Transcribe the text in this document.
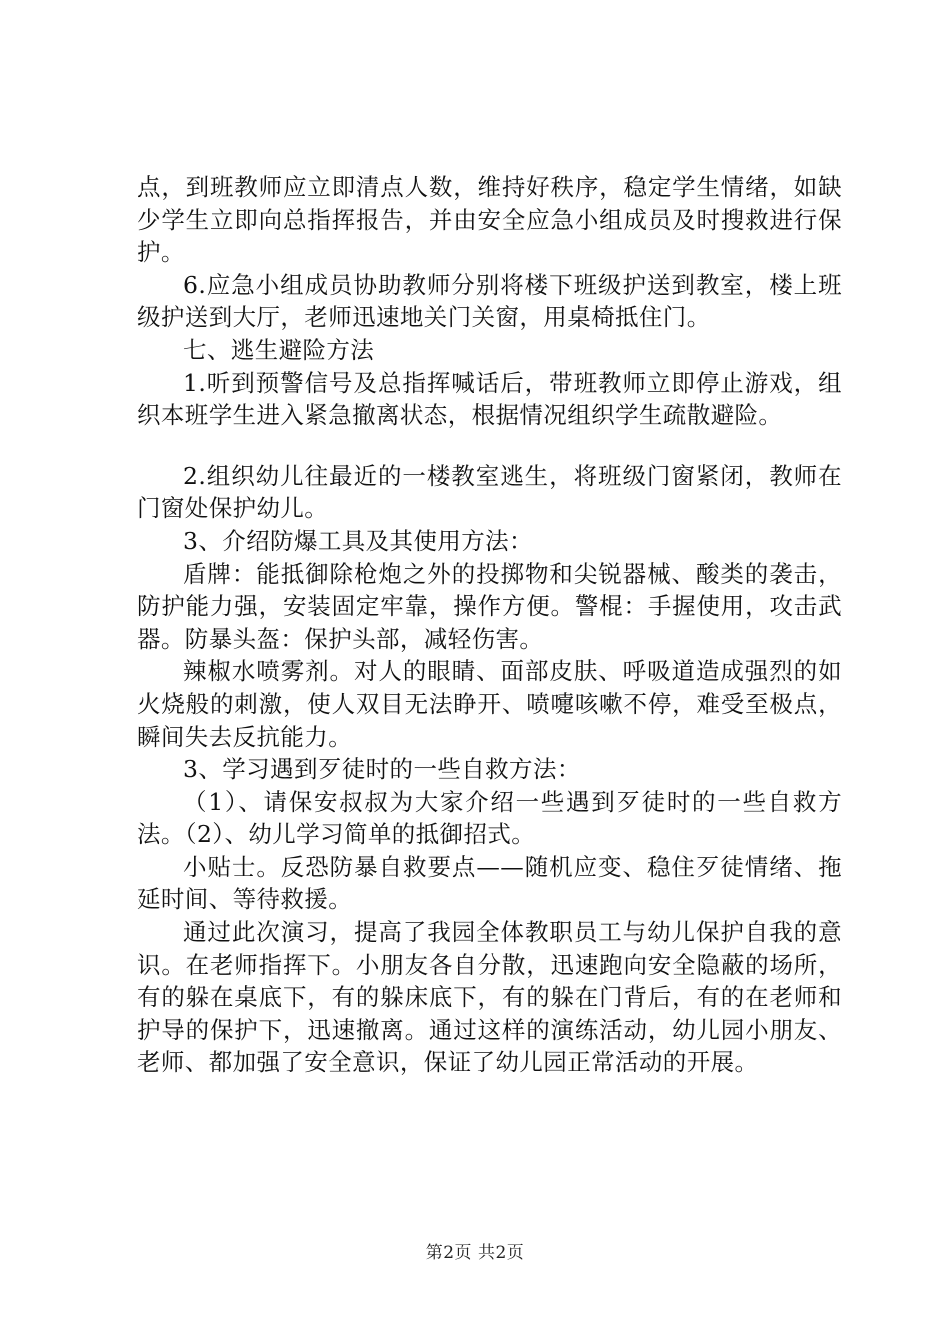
点，到班教师应立即清点人数，维持好秩序，稳定学生情绪，如缺少学生立即向总指挥报告，并由安全应急小组成员及时搜救进行保护。

6.应急小组成员协助教师分别将楼下班级护送到教室，楼上班级护送到大厅，老师迅速地关门关窗，用桌椅抵住门。

七、逃生避险方法

1.听到预警信号及总指挥喊话后，带班教师立即停止游戏，组织本班学生进入紧急撤离状态，根据情况组织学生疏散避险。

2.组织幼儿往最近的一楼教室逃生，将班级门窗紧闭，教师在门窗处保护幼儿。

3、介绍防爆工具及其使用方法：

盾牌：能抵御除枪炮之外的投掷物和尖锐器械、酸类的袭击，防护能力强，安装固定牢靠，操作方便。警棍：手握使用，攻击武器。防暴头盔：保护头部，减轻伤害。

辣椒水喷雾剂。对人的眼睛、面部皮肤、呼吸道造成强烈的如火烧般的刺激，使人双目无法睁开、喷嚏咳嗽不停，难受至极点，瞬间失去反抗能力。

3、学习遇到歹徒时的一些自救方法：

（1）、请保安叔叔为大家介绍一些遇到歹徒时的一些自救方法。（2）、幼儿学习简单的抵御招式。

小贴士。反恐防暴自救要点——随机应变、稳住歹徒情绪、拖延时间、等待救援。

通过此次演习，提高了我园全体教职员工与幼儿保护自我的意识。在老师指挥下。小朋友各自分散，迅速跑向安全隐蔽的场所，有的躲在桌底下，有的躲床底下，有的躲在门背后，有的在老师和护导的保护下，迅速撤离。通过这样的演练活动，幼儿园小朋友、老师、都加强了安全意识，保证了幼儿园正常活动的开展。

第2页 共2页
